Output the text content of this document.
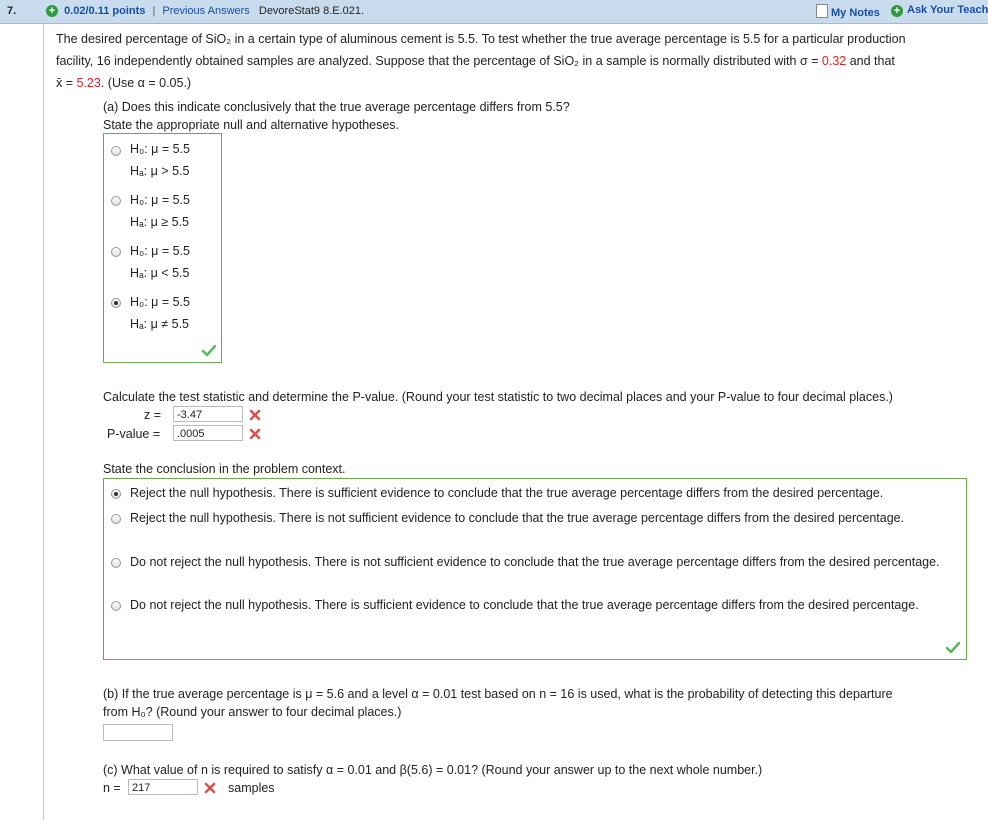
7.	+ 0.02/0.11 points | Previous Answers DevoreStat9 8.E.021.	My Notes + Ask Your Teach
The desired percentage of SiO₂ in a certain type of aluminous cement is 5.5. To test whether the true average percentage is 5.5 for a particular production
facility, 16 independently obtained samples are analyzed. Suppose that the percentage of SiO₂ in a sample is normally distributed with σ = 0.32 and that
x̄ = 5.23. (Use α = 0.05.)
(a) Does this indicate conclusively that the true average percentage differs from 5.5?
State the appropriate null and alternative hypotheses.
H₀: μ = 5.5
Hₐ: μ > 5.5
H₀: μ = 5.5
Hₐ: μ ≥ 5.5
H₀: μ = 5.5
Hₐ: μ < 5.5
H₀: μ = 5.5
Hₐ: μ ≠ 5.5
Calculate the test statistic and determine the P-value. (Round your test statistic to two decimal places and your P-value to four decimal places.)
z =	-3.47
P-value =	.0005
State the conclusion in the problem context.
Reject the null hypothesis. There is sufficient evidence to conclude that the true average percentage differs from the desired percentage.
Reject the null hypothesis. There is not sufficient evidence to conclude that the true average percentage differs from the desired percentage.
Do not reject the null hypothesis. There is not sufficient evidence to conclude that the true average percentage differs from the desired percentage.
Do not reject the null hypothesis. There is sufficient evidence to conclude that the true average percentage differs from the desired percentage.
(b) If the true average percentage is μ = 5.6 and a level α = 0.01 test based on n = 16 is used, what is the probability of detecting this departure
from H₀? (Round your answer to four decimal places.)
(c) What value of n is required to satisfy α = 0.01 and β(5.6) = 0.01? (Round your answer up to the next whole number.)
n =	217	samples
